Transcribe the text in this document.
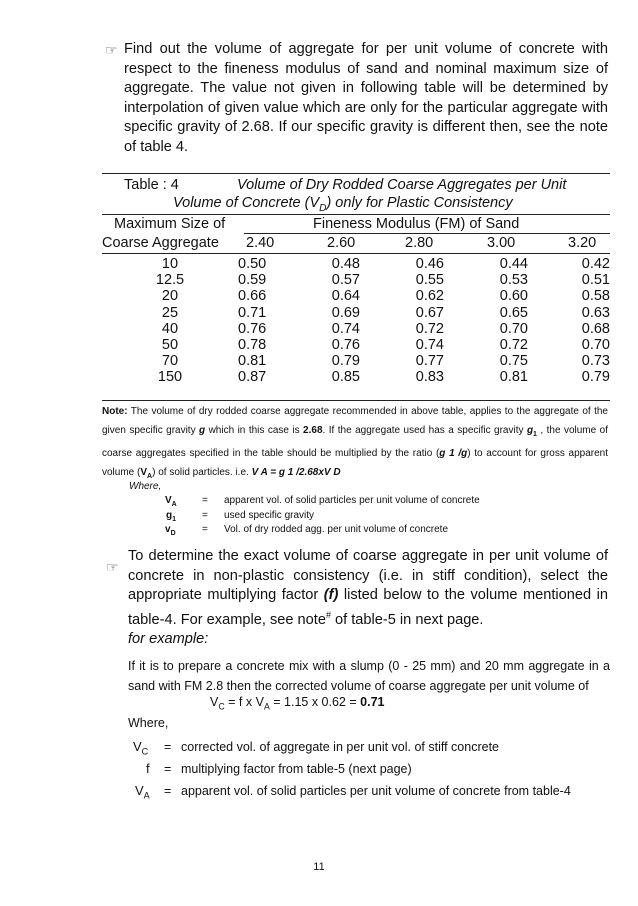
☞ Find out the volume of aggregate for per unit volume of concrete with respect to the fineness modulus of sand and nominal maximum size of aggregate. The value not given in following table will be determined by interpolation of given value which are only for the particular aggregate with specific gravity of 2.68. If our specific gravity is different then, see the note of table 4.
Table : 4	Volume of Dry Rodded Coarse Aggregates per Unit
Volume of Concrete $(V_D)$ only for Plastic Consistency
Maximum Size of
Coarse Aggregate
Fineness Modulus (FM) of Sand
2.40	2.60	2.80	3.00	3.20
10	0.50	0.48	0.46	0.44	0.42
12.5	0.59	0.57	0.55	0.53	0.51
20	0.66	0.64	0.62	0.60	0.58
25	0.71	0.69	0.67	0.65	0.63
40	0.76	0.74	0.72	0.70	0.68
50	0.78	0.76	0.74	0.72	0.70
70	0.81	0.79	0.77	0.75	0.73
150	0.87	0.85	0.83	0.81	0.79
Note: The volume of dry rodded coarse aggregate recommended in above table, applies to the aggregate of the given specific gravity g which in this case is 2.68. If the aggregate used has a specific gravity $g_1$ , the volume of coarse aggregates specified in the table should be multiplied by the ratio (g 1 /g) to account for gross apparent volume $(V_A)$ of solid particles. i.e. V A = g 1 /2.68xV D
Where,
$V_A$	= apparent vol. of solid particles per unit volume of concrete
$g_1$	= used specific gravity
$v_D$	= Vol. of dry rodded agg. per unit volume of concrete
☞
To determine the exact volume of coarse aggregate in per unit volume of concrete in non-plastic consistency (i.e. in stiff condition), select the appropriate multiplying factor (f) listed below to the volume mentioned in table-4. For example, see note# of table-5 in next page.
for example:
If it is to prepare a concrete mix with a slump (0 - 25 mm) and 20 mm aggregate in a sand with FM 2.8 then the corrected volume of coarse aggregate per unit volume of
$V_C = f$ x $V_A = 1.15$ x 0.62 = 0.71
Where,
$V_C$ = corrected vol. of aggregate in per unit vol. of stiff concrete
f = multiplying factor from table-5 (next page)
$V_A$ = apparent vol. of solid particles per unit volume of concrete from table-4
11
